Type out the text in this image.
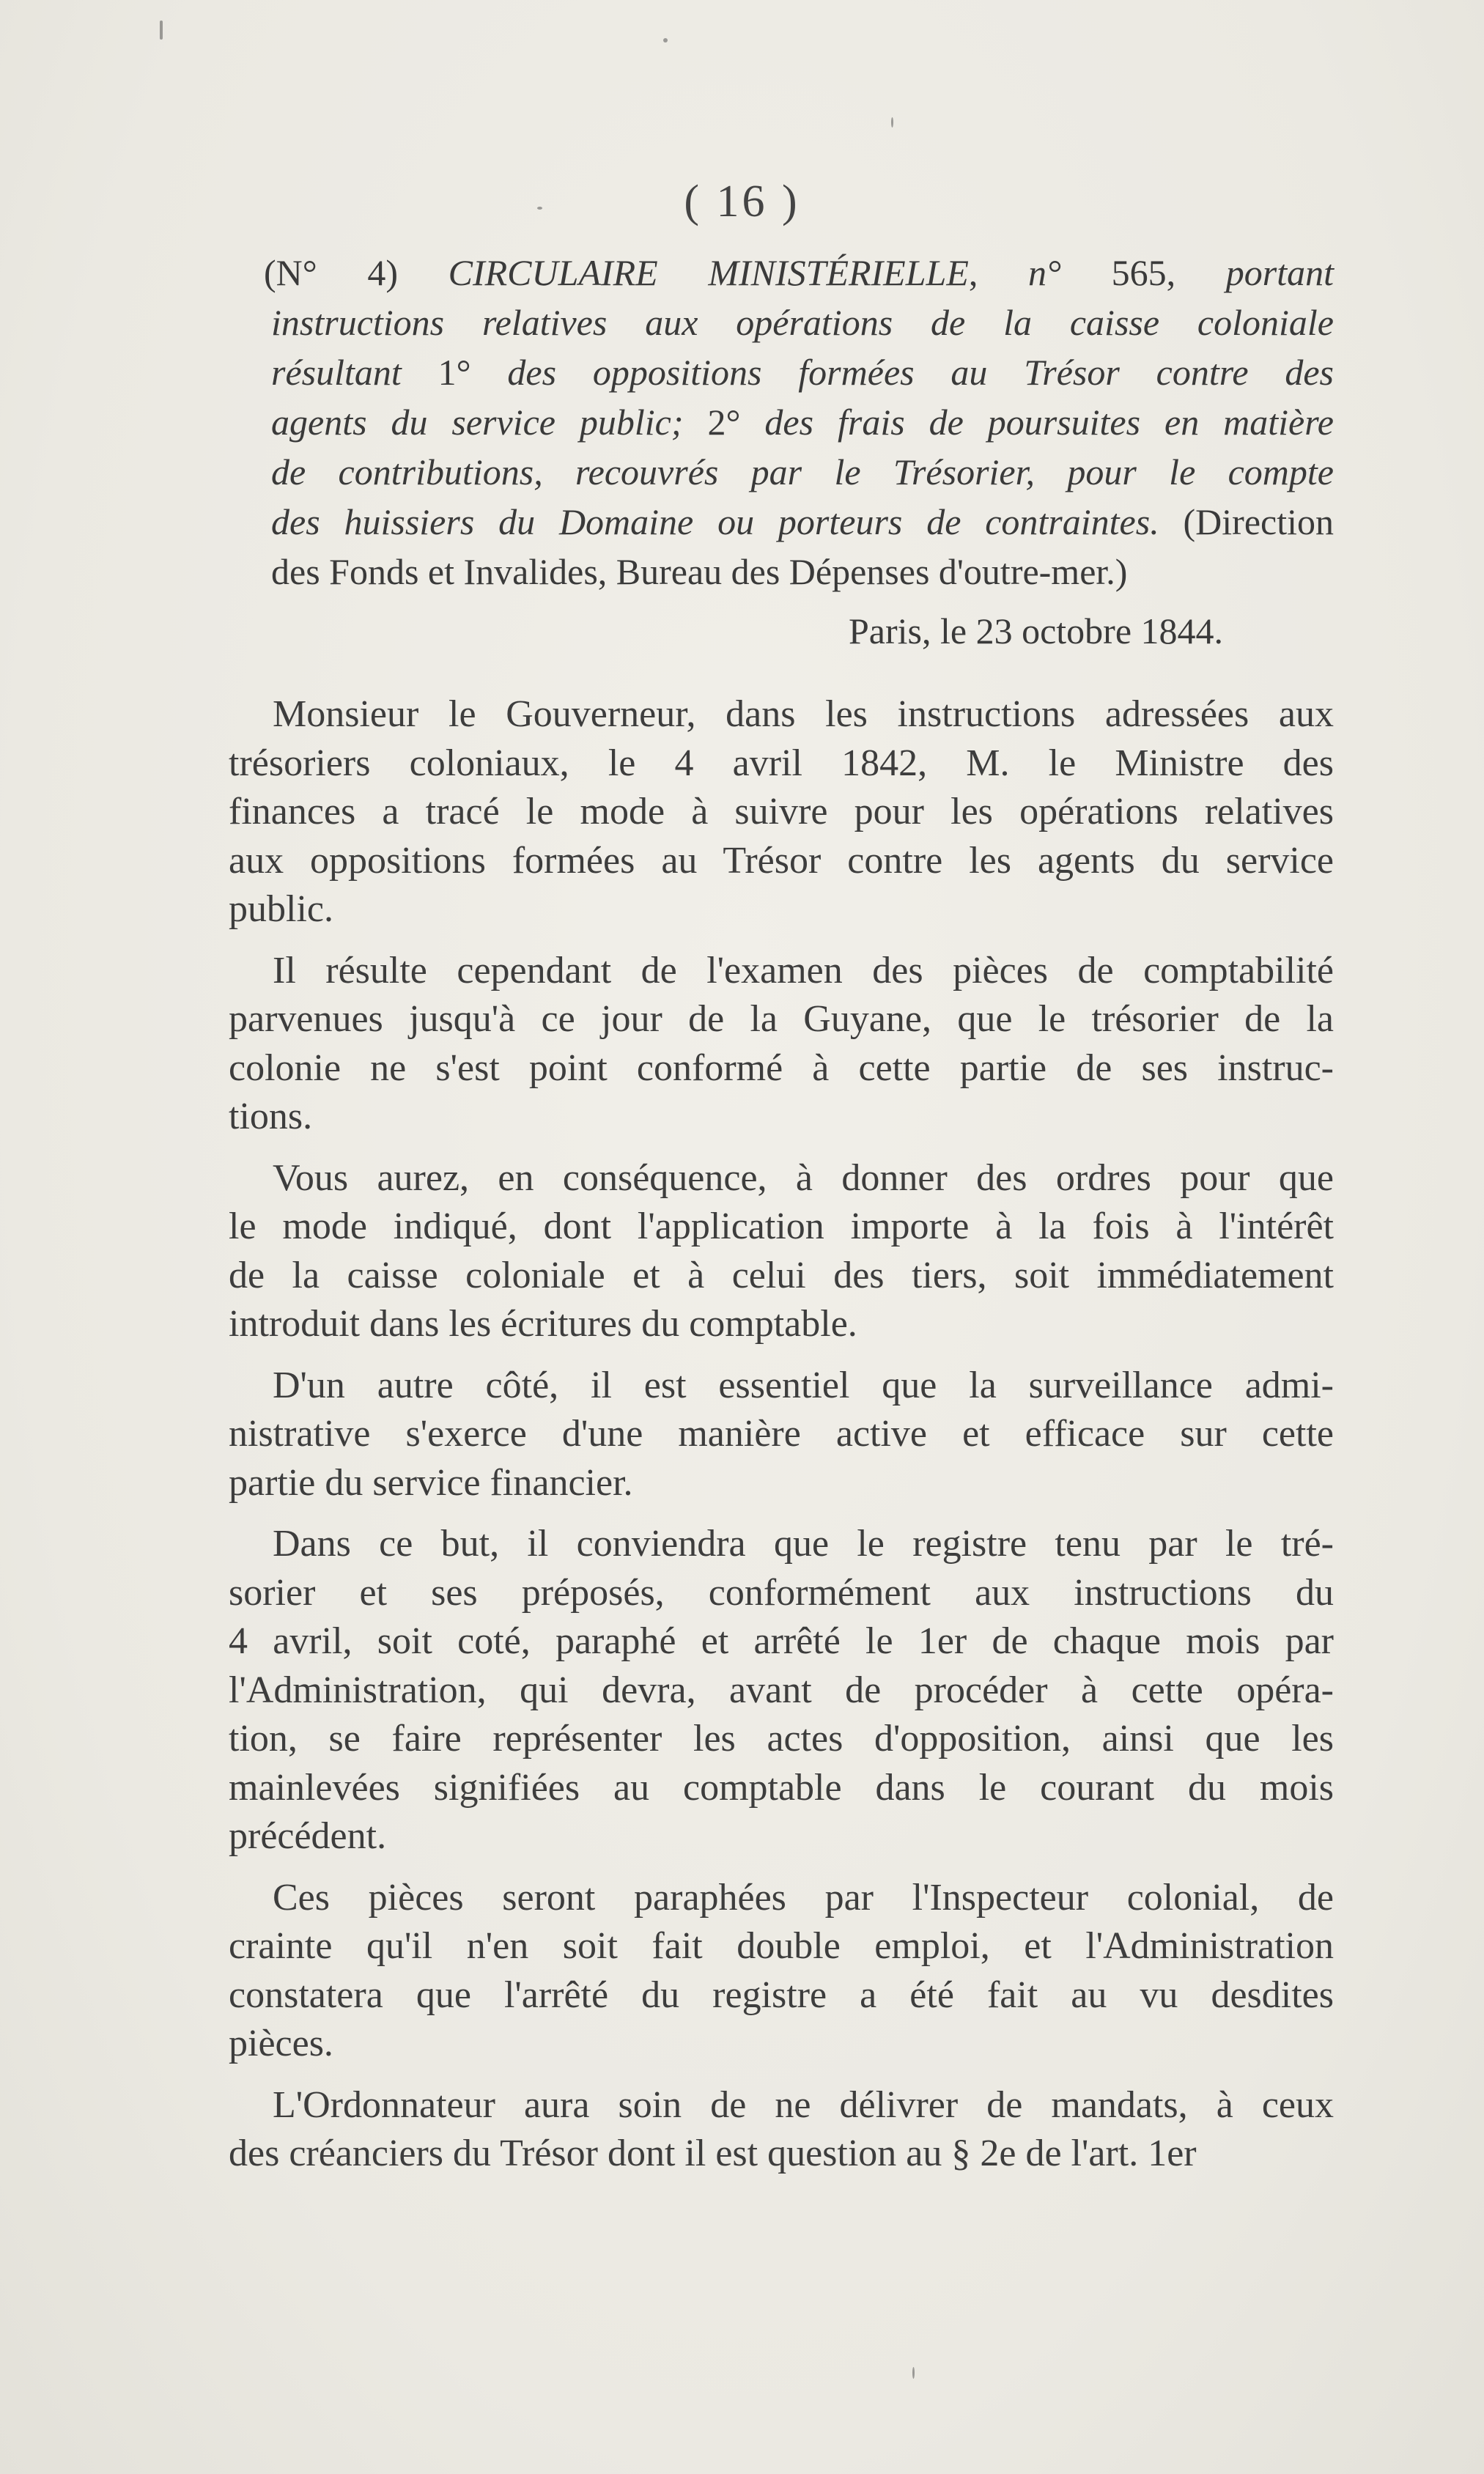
( 16 )
(N° 4) CIRCULAIRE MINISTÉRIELLE, n° 565, portant
instructions relatives aux opérations de la caisse coloniale
résultant 1° des oppositions formées au Trésor contre des
agents du service public; 2° des frais de poursuites en matière
de contributions, recouvrés par le Trésorier, pour le compte
des huissiers du Domaine ou porteurs de contraintes. (Direction
des Fonds et Invalides, Bureau des Dépenses d'outre-mer.)
Paris, le 23 octobre 1844.
Monsieur le Gouverneur, dans les instructions adressées aux
trésoriers coloniaux, le 4 avril 1842, M. le Ministre des
finances a tracé le mode à suivre pour les opérations relatives
aux oppositions formées au Trésor contre les agents du service
public.
Il résulte cependant de l'examen des pièces de comptabilité
parvenues jusqu'à ce jour de la Guyane, que le trésorier de la
colonie ne s'est point conformé à cette partie de ses instruc-
tions.
Vous aurez, en conséquence, à donner des ordres pour que
le mode indiqué, dont l'application importe à la fois à l'intérêt
de la caisse coloniale et à celui des tiers, soit immédiatement
introduit dans les écritures du comptable.
D'un autre côté, il est essentiel que la surveillance admi-
nistrative s'exerce d'une manière active et efficace sur cette
partie du service financier.
Dans ce but, il conviendra que le registre tenu par le tré-
sorier et ses préposés, conformément aux instructions du
4 avril, soit coté, paraphé et arrêté le 1er de chaque mois par
l'Administration, qui devra, avant de procéder à cette opéra-
tion, se faire représenter les actes d'opposition, ainsi que les
mainlevées signifiées au comptable dans le courant du mois
précédent.
Ces pièces seront paraphées par l'Inspecteur colonial, de
crainte qu'il n'en soit fait double emploi, et l'Administration
constatera que l'arrêté du registre a été fait au vu desdites
pièces.
L'Ordonnateur aura soin de ne délivrer de mandats, à ceux
des créanciers du Trésor dont il est question au § 2e de l'art. 1er
